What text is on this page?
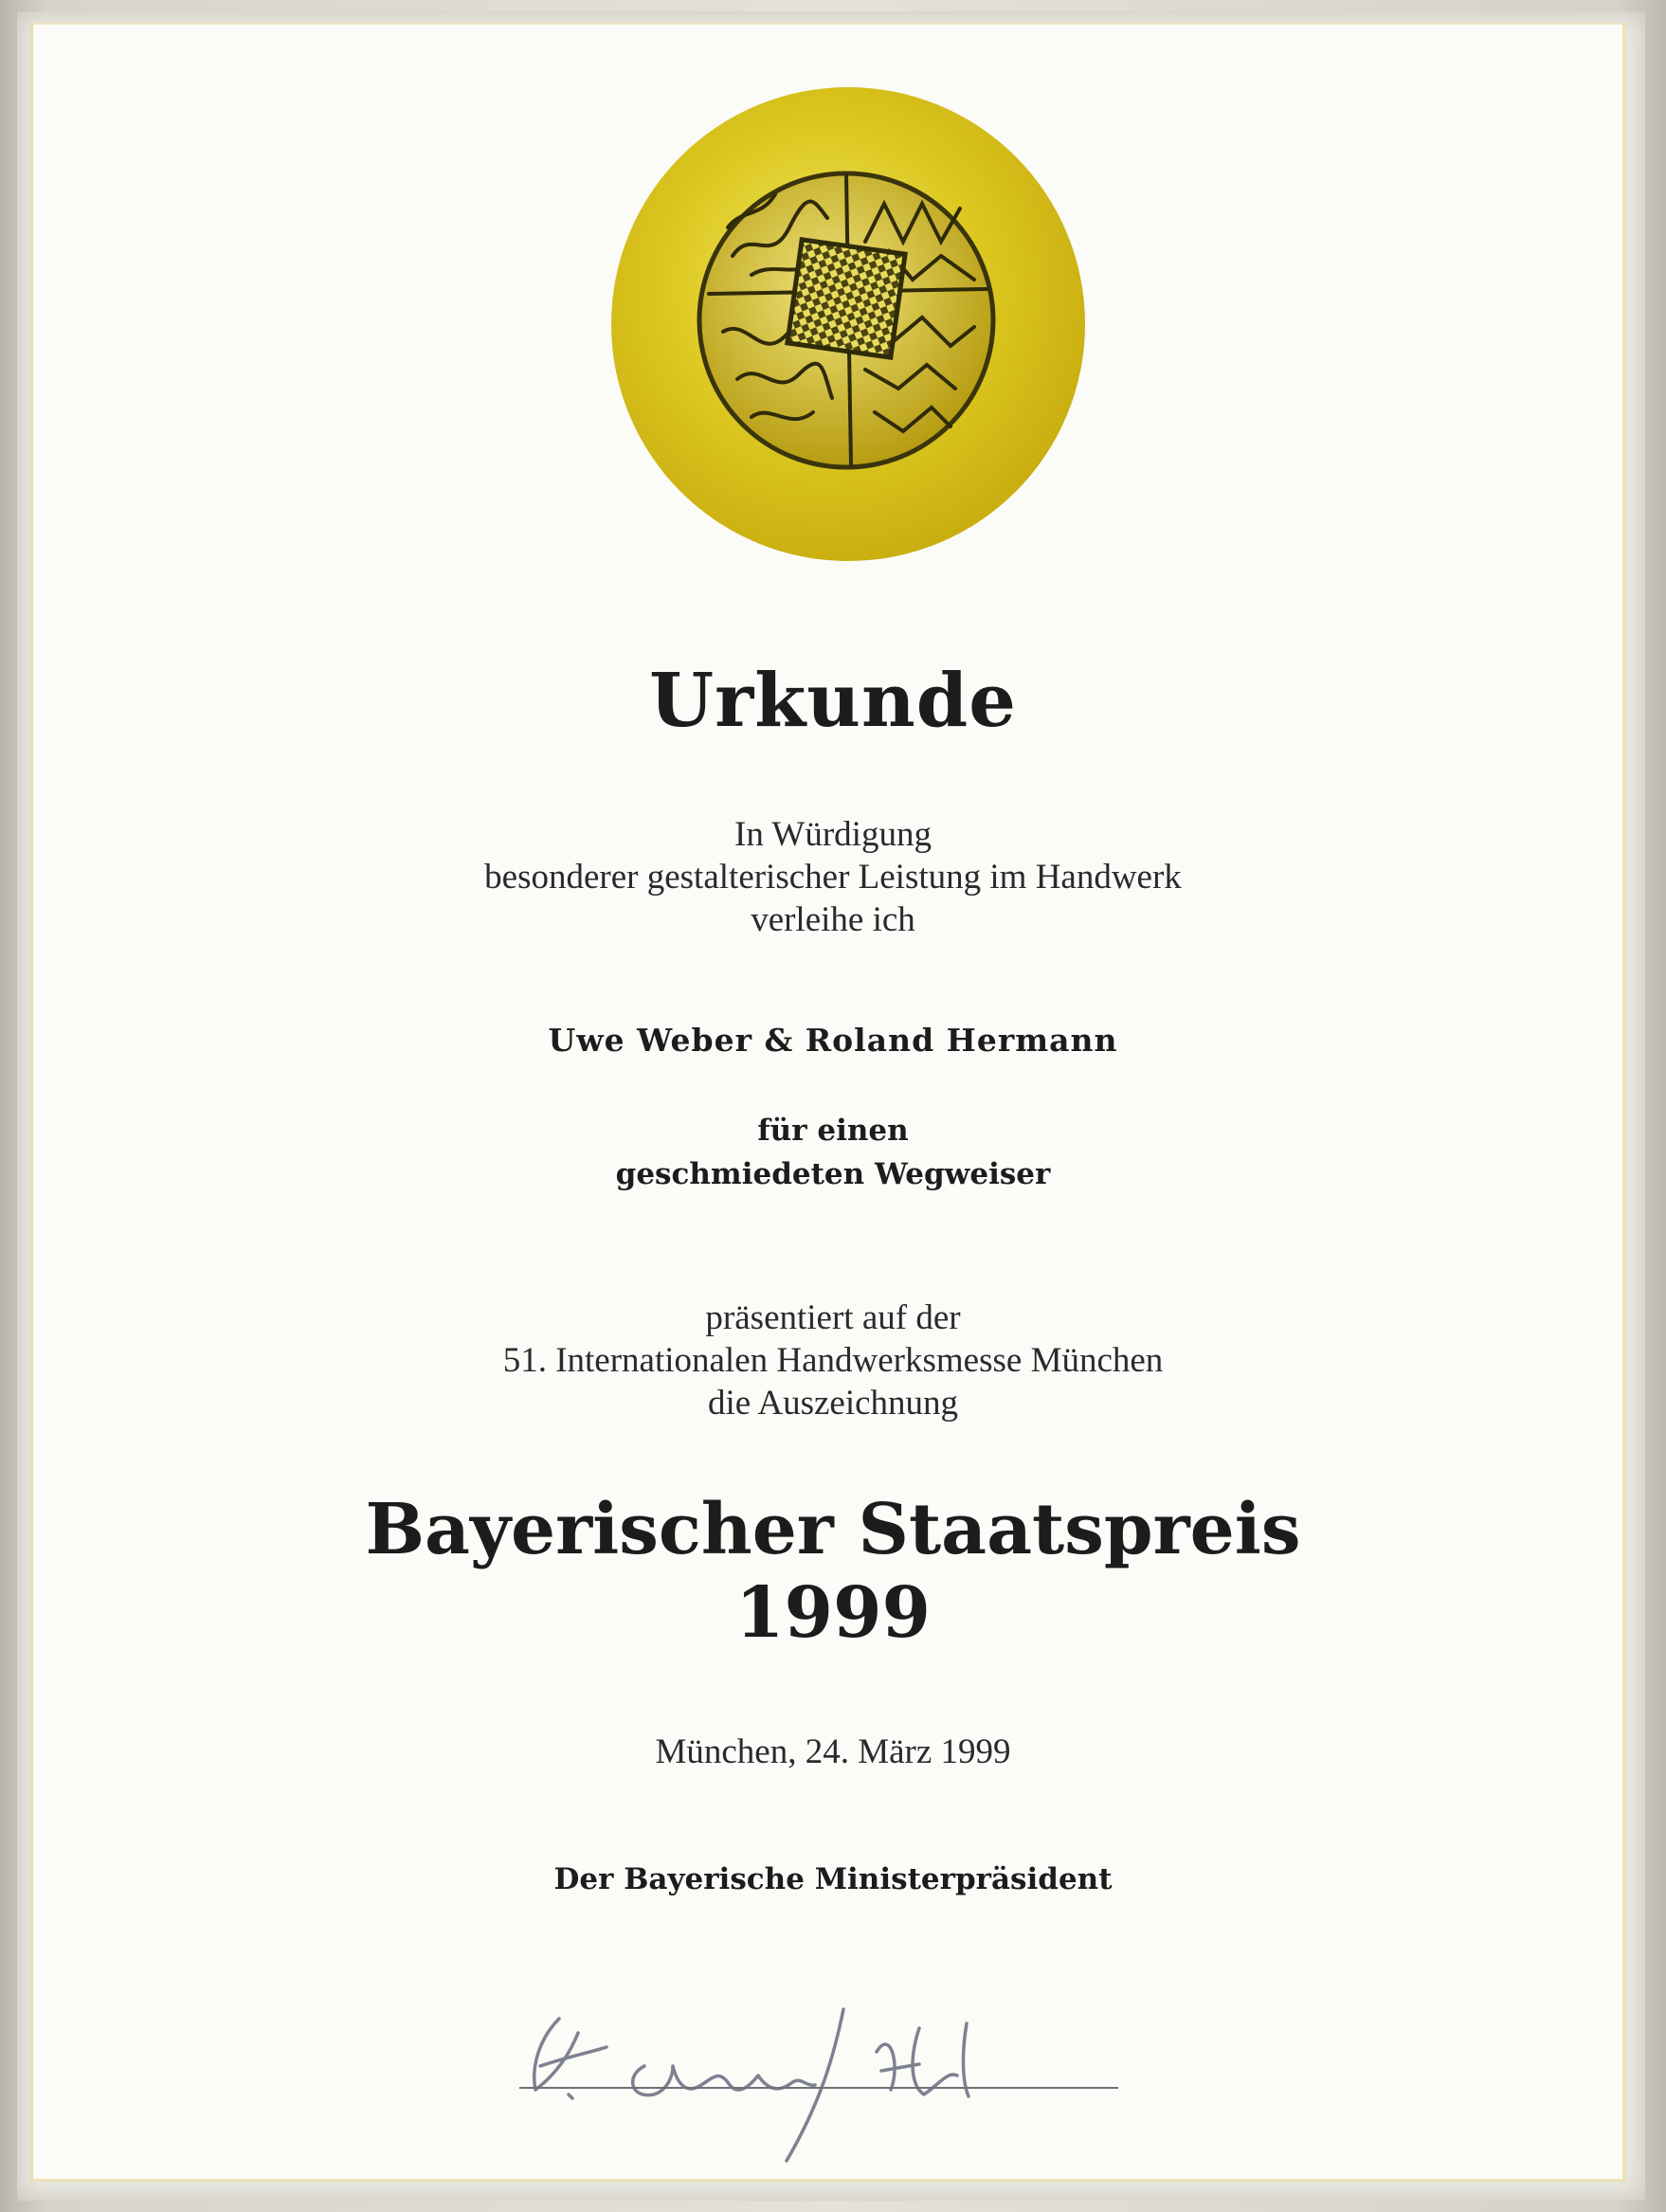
Urkunde
In Würdigung
besonderer gestalterischer Leistung im Handwerk
verleihe ich
Uwe Weber & Roland Hermann
für einen
geschmiedeten Wegweiser
präsentiert auf der
51. Internationalen Handwerksmesse München
die Auszeichnung
Bayerischer Staatspreis
1999
München, 24. März 1999
Der Bayerische Ministerpräsident
